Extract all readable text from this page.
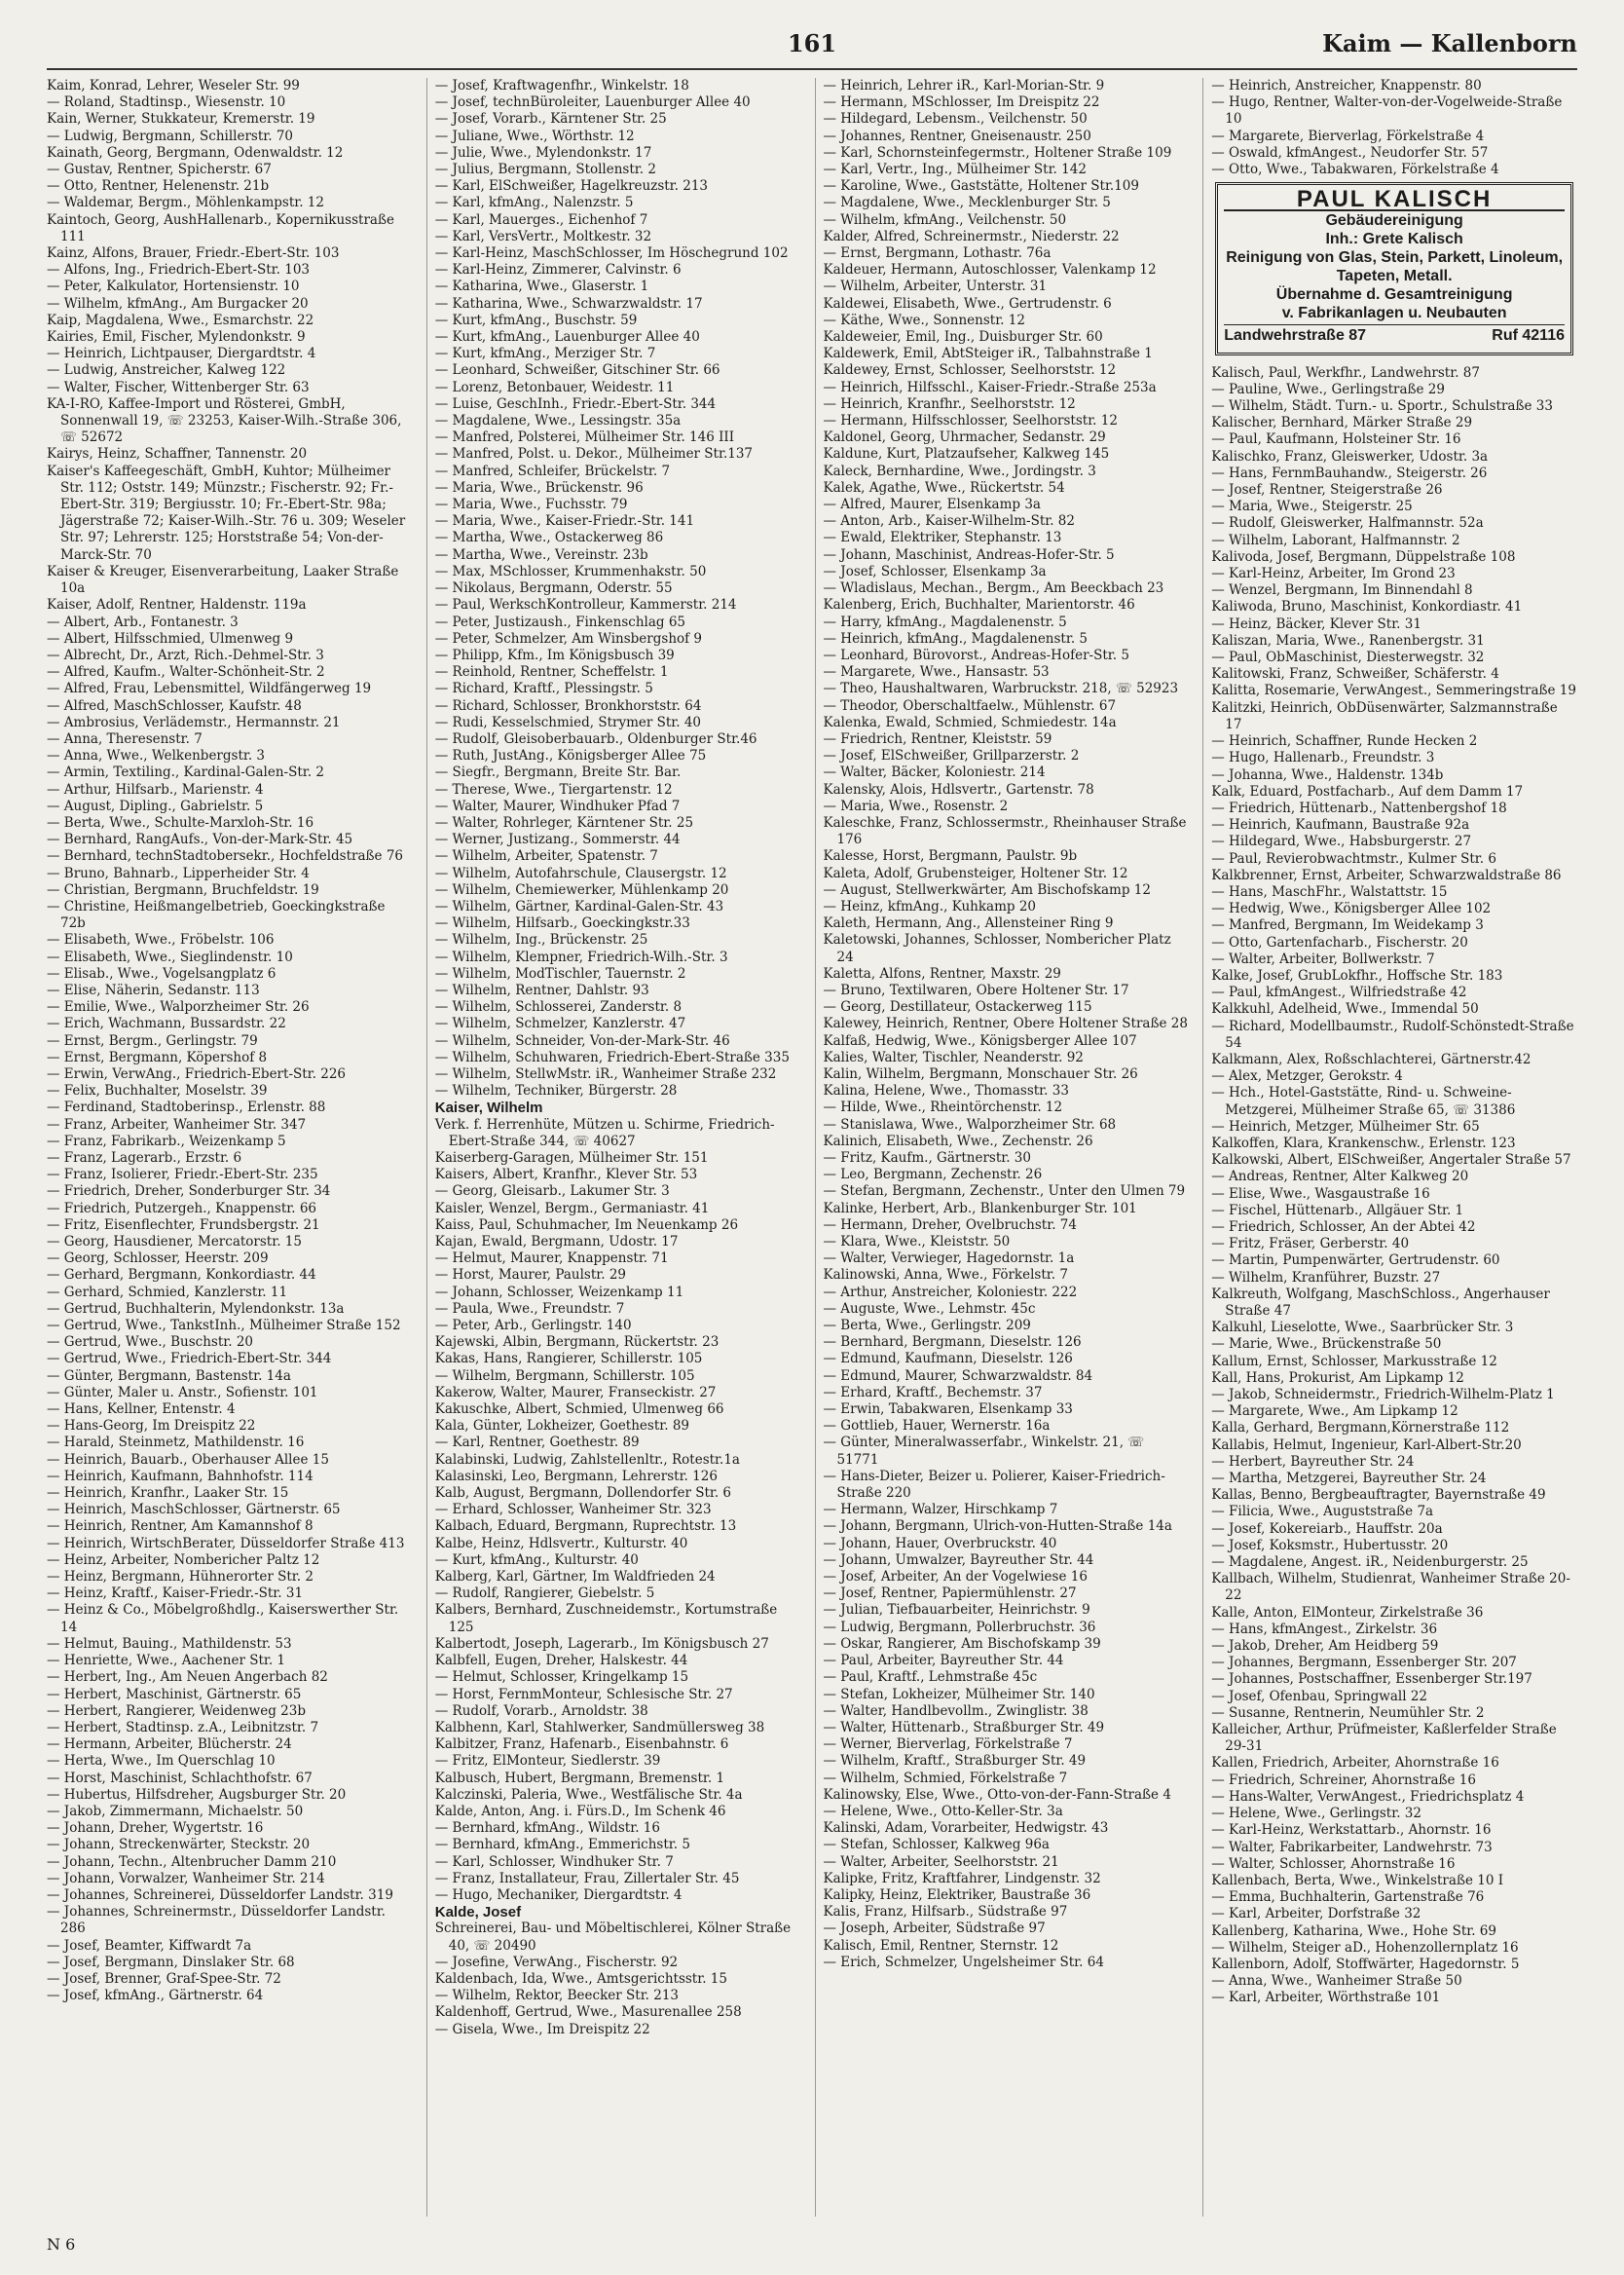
161	Kaim — Kallenborn

Kaim, Konrad, Lehrer, Weseler Str. 99

— Roland, Stadtinsp., Wiesenstr. 10

Kain, Werner, Stukkateur, Kremerstr. 19

— Ludwig, Bergmann, Schillerstr. 70

Kainath, Georg, Bergmann, Odenwaldstr. 12

— Gustav, Rentner, Spicherstr. 67

— Otto, Rentner, Helenenstr. 21b

— Waldemar, Bergm., Möhlenkampstr. 12

Kaintoch, Georg, AushHallenarb., Kopernikusstraße 111

Kainz, Alfons, Brauer, Friedr.-Ebert-Str. 103

— Alfons, Ing., Friedrich-Ebert-Str. 103

— Peter, Kalkulator, Hortensienstr. 10

— Wilhelm, kfmAng., Am Burgacker 20

Kaip, Magdalena, Wwe., Esmarchstr. 22

Kairies, Emil, Fischer, Mylendonkstr. 9

— Heinrich, Lichtpauser, Diergardtstr. 4

— Ludwig, Anstreicher, Kalweg 122

— Walter, Fischer, Wittenberger Str. 63

KA-I-RO, Kaffee-Import und Rösterei, GmbH, Sonnenwall 19, ☏ 23253, Kaiser-Wilh.-Straße 306, ☏ 52672

Kairys, Heinz, Schaffner, Tannenstr. 20

Kaiser's Kaffeegeschäft, GmbH, Kuhtor; Mülheimer Str. 112; Oststr. 149; Münzstr.; Fischerstr. 92; Fr.-Ebert-Str. 319; Bergiusstr. 10; Fr.-Ebert-Str. 98a; Jägerstraße 72; Kaiser-Wilh.-Str. 76 u. 309; Weseler Str. 97; Lehrerstr. 125; Horststraße 54; Von-der-Marck-Str. 70

Kaiser & Kreuger, Eisenverarbeitung, Laaker Straße 10a

Kaiser, Adolf, Rentner, Haldenstr. 119a

— Albert, Arb., Fontanestr. 3

— Albert, Hilfsschmied, Ulmenweg 9

— Albrecht, Dr., Arzt, Rich.-Dehmel-Str. 3

— Alfred, Kaufm., Walter-Schönheit-Str. 2

— Alfred, Frau, Lebensmittel, Wildfängerweg 19

— Alfred, MaschSchlosser, Kaufstr. 48

— Ambrosius, Verlädemstr., Hermannstr. 21

— Anna, Theresenstr. 7

— Anna, Wwe., Welkenbergstr. 3

— Armin, Textiling., Kardinal-Galen-Str. 2

— Arthur, Hilfsarb., Marienstr. 4

— August, Dipling., Gabrielstr. 5

— Berta, Wwe., Schulte-Marxloh-Str. 16

— Bernhard, RangAufs., Von-der-Mark-Str. 45

— Bernhard, technStadtobersekr., Hochfeldstraße 76

— Bruno, Bahnarb., Lipperheider Str. 4

— Christian, Bergmann, Bruchfeldstr. 19

— Christine, Heißmangelbetrieb, Goeckingkstraße 72b

— Elisabeth, Wwe., Fröbelstr. 106

— Elisabeth, Wwe., Sieglindenstr. 10

— Elisab., Wwe., Vogelsangplatz 6

— Elise, Näherin, Sedanstr. 113

— Emilie, Wwe., Walporzheimer Str. 26

— Erich, Wachmann, Bussardstr. 22

— Ernst, Bergm., Gerlingstr. 79

— Ernst, Bergmann, Köpershof 8

— Erwin, VerwAng., Friedrich-Ebert-Str. 226

— Felix, Buchhalter, Moselstr. 39

— Ferdinand, Stadtoberinsp., Erlenstr. 88

— Franz, Arbeiter, Wanheimer Str. 347

— Franz, Fabrikarb., Weizenkamp 5

— Franz, Lagerarb., Erzstr. 6

— Franz, Isolierer, Friedr.-Ebert-Str. 235

— Friedrich, Dreher, Sonderburger Str. 34

— Friedrich, Putzergeh., Knappenstr. 66

— Fritz, Eisenflechter, Frundsbergstr. 21

— Georg, Hausdiener, Mercatorstr. 15

— Georg, Schlosser, Heerstr. 209

— Gerhard, Bergmann, Konkordiastr. 44

— Gerhard, Schmied, Kanzlerstr. 11

— Gertrud, Buchhalterin, Mylendonkstr. 13a

— Gertrud, Wwe., TankstInh., Mülheimer Straße 152

— Gertrud, Wwe., Buschstr. 20

— Gertrud, Wwe., Friedrich-Ebert-Str. 344

— Günter, Bergmann, Bastenstr. 14a

— Günter, Maler u. Anstr., Sofienstr. 101

— Hans, Kellner, Entenstr. 4

— Hans-Georg, Im Dreispitz 22

— Harald, Steinmetz, Mathildenstr. 16

— Heinrich, Bauarb., Oberhauser Allee 15

— Heinrich, Kaufmann, Bahnhofstr. 114

— Heinrich, Kranfhr., Laaker Str. 15

— Heinrich, MaschSchlosser, Gärtnerstr. 65

— Heinrich, Rentner, Am Kamannshof 8

— Heinrich, WirtschBerater, Düsseldorfer Straße 413

— Heinz, Arbeiter, Nombericher Paltz 12

— Heinz, Bergmann, Hühnerorter Str. 2

— Heinz, Kraftf., Kaiser-Friedr.-Str. 31

— Heinz & Co., Möbelgroßhdlg., Kaiserswerther Str. 14

— Helmut, Bauing., Mathildenstr. 53

— Henriette, Wwe., Aachener Str. 1

— Herbert, Ing., Am Neuen Angerbach 82

— Herbert, Maschinist, Gärtnerstr. 65

— Herbert, Rangierer, Weidenweg 23b

— Herbert, Stadtinsp. z.A., Leibnitzstr. 7

— Hermann, Arbeiter, Blücherstr. 24

— Herta, Wwe., Im Querschlag 10

— Horst, Maschinist, Schlachthofstr. 67

— Hubertus, Hilfsdreher, Augsburger Str. 20

— Jakob, Zimmermann, Michaelstr. 50

— Johann, Dreher, Wygertstr. 16

— Johann, Streckenwärter, Steckstr. 20

— Johann, Techn., Altenbrucher Damm 210

— Johann, Vorwalzer, Wanheimer Str. 214

— Johannes, Schreinerei, Düsseldorfer Landstr. 319

— Johannes, Schreinermstr., Düsseldorfer Landstr. 286

— Josef, Beamter, Kiffwardt 7a

— Josef, Bergmann, Dinslaker Str. 68

— Josef, Brenner, Graf-Spee-Str. 72

— Josef, kfmAng., Gärtnerstr. 64

— Josef, Kraftwagenfhr., Winkelstr. 18

— Josef, technBüroleiter, Lauenburger Allee 40

— Josef, Vorarb., Kärntener Str. 25

— Juliane, Wwe., Wörthstr. 12

— Julie, Wwe., Mylendonkstr. 17

— Julius, Bergmann, Stollenstr. 2

— Karl, ElSchweißer, Hagelkreuzstr. 213

— Karl, kfmAng., Nalenzstr. 5

— Karl, Mauerges., Eichenhof 7

— Karl, VersVertr., Moltkestr. 32

— Karl-Heinz, MaschSchlosser, Im Höschegrund 102

— Karl-Heinz, Zimmerer, Calvinstr. 6

— Katharina, Wwe., Glaserstr. 1

— Katharina, Wwe., Schwarzwaldstr. 17

— Kurt, kfmAng., Buschstr. 59

— Kurt, kfmAng., Lauenburger Allee 40

— Kurt, kfmAng., Merziger Str. 7

— Leonhard, Schweißer, Gitschiner Str. 66

— Lorenz, Betonbauer, Weidestr. 11

— Luise, GeschInh., Friedr.-Ebert-Str. 344

— Magdalene, Wwe., Lessingstr. 35a

— Manfred, Polsterei, Mülheimer Str. 146 III

— Manfred, Polst. u. Dekor., Mülheimer Str.137

— Manfred, Schleifer, Brückelstr. 7

— Maria, Wwe., Brückenstr. 96

— Maria, Wwe., Fuchsstr. 79

— Maria, Wwe., Kaiser-Friedr.-Str. 141

— Martha, Wwe., Ostackerweg 86

— Martha, Wwe., Vereinstr. 23b

— Max, MSchlosser, Krummenhakstr. 50

— Nikolaus, Bergmann, Oderstr. 55

— Paul, WerkschKontrolleur, Kammerstr. 214

— Peter, Justizaush., Finkenschlag 65

— Peter, Schmelzer, Am Winsbergshof 9

— Philipp, Kfm., Im Königsbusch 39

— Reinhold, Rentner, Scheffelstr. 1

— Richard, Kraftf., Plessingstr. 5

— Richard, Schlosser, Bronkhorststr. 64

— Rudi, Kesselschmied, Strymer Str. 40

— Rudolf, Gleisoberbauarb., Oldenburger Str.46

— Ruth, JustAng., Königsberger Allee 75

— Siegfr., Bergmann, Breite Str. Bar.

— Therese, Wwe., Tiergartenstr. 12

— Walter, Maurer, Windhuker Pfad 7

— Walter, Rohrleger, Kärntener Str. 25

— Werner, Justizang., Sommerstr. 44

— Wilhelm, Arbeiter, Spatenstr. 7

— Wilhelm, Autofahrschule, Clausergstr. 12

— Wilhelm, Chemiewerker, Mühlenkamp 20

— Wilhelm, Gärtner, Kardinal-Galen-Str. 43

— Wilhelm, Hilfsarb., Goeckingkstr.33

— Wilhelm, Ing., Brückenstr. 25

— Wilhelm, Klempner, Friedrich-Wilh.-Str. 3

— Wilhelm, ModTischler, Tauernstr. 2

— Wilhelm, Rentner, Dahlstr. 93

— Wilhelm, Schlosserei, Zanderstr. 8

— Wilhelm, Schmelzer, Kanzlerstr. 47

— Wilhelm, Schneider, Von-der-Mark-Str. 46

— Wilhelm, Schuhwaren, Friedrich-Ebert-Straße 335

— Wilhelm, StellwMstr. iR., Wanheimer Straße 232

— Wilhelm, Techniker, Bürgerstr. 28

Kaiser, Wilhelm

Verk. f. Herrenhüte, Mützen u. Schirme, Friedrich-Ebert-Straße 344, ☏ 40627

Kaiserberg-Garagen, Mülheimer Str. 151

Kaisers, Albert, Kranfhr., Klever Str. 53

— Georg, Gleisarb., Lakumer Str. 3

Kaisler, Wenzel, Bergm., Germaniastr. 41

Kaiss, Paul, Schuhmacher, Im Neuenkamp 26

Kajan, Ewald, Bergmann, Udostr. 17

— Helmut, Maurer, Knappenstr. 71

— Horst, Maurer, Paulstr. 29

— Johann, Schlosser, Weizenkamp 11

— Paula, Wwe., Freundstr. 7

— Peter, Arb., Gerlingstr. 140

Kajewski, Albin, Bergmann, Rückertstr. 23

Kakas, Hans, Rangierer, Schillerstr. 105

— Wilhelm, Bergmann, Schillerstr. 105

Kakerow, Walter, Maurer, Franseckistr. 27

Kakuschke, Albert, Schmied, Ulmenweg 66

Kala, Günter, Lokheizer, Goethestr. 89

— Karl, Rentner, Goethestr. 89

Kalabinski, Ludwig, Zahlstellenltr., Rotestr.1a

Kalasinski, Leo, Bergmann, Lehrerstr. 126

Kalb, August, Bergmann, Dollendorfer Str. 6

— Erhard, Schlosser, Wanheimer Str. 323

Kalbach, Eduard, Bergmann, Ruprechtstr. 13

Kalbe, Heinz, Hdlsvertr., Kulturstr. 40

— Kurt, kfmAng., Kulturstr. 40

Kalberg, Karl, Gärtner, Im Waldfrieden 24

— Rudolf, Rangierer, Giebelstr. 5

Kalbers, Bernhard, Zuschneidemstr., Kortumstraße 125

Kalbertodt, Joseph, Lagerarb., Im Königsbusch 27

Kalbfell, Eugen, Dreher, Halskestr. 44

— Helmut, Schlosser, Kringelkamp 15

— Horst, FernmMonteur, Schlesische Str. 27

— Rudolf, Vorarb., Arnoldstr. 38

Kalbhenn, Karl, Stahlwerker, Sandmüllersweg 38

Kalbitzer, Franz, Hafenarb., Eisenbahnstr. 6

— Fritz, ElMonteur, Siedlerstr. 39

Kalbusch, Hubert, Bergmann, Bremenstr. 1

Kalczinski, Paleria, Wwe., Westfälische Str. 4a

Kalde, Anton, Ang. i. Fürs.D., Im Schenk 46

— Bernhard, kfmAng., Wildstr. 16

— Bernhard, kfmAng., Emmerichstr. 5

— Karl, Schlosser, Windhuker Str. 7

— Franz, Installateur, Frau, Zillertaler Str. 45

— Hugo, Mechaniker, Diergardtstr. 4

Kalde, Josef

Schreinerei, Bau- und Möbeltischlerei, Kölner Straße 40, ☏ 20490

— Josefine, VerwAng., Fischerstr. 92

Kaldenbach, Ida, Wwe., Amtsgerichtsstr. 15

— Wilhelm, Rektor, Beecker Str. 213

Kaldenhoff, Gertrud, Wwe., Masurenallee 258

— Gisela, Wwe., Im Dreispitz 22

— Heinrich, Lehrer iR., Karl-Morian-Str. 9

— Hermann, MSchlosser, Im Dreispitz 22

— Hildegard, Lebensm., Veilchenstr. 50

— Johannes, Rentner, Gneisenaustr. 250

— Karl, Schornsteinfegermstr., Holtener Straße 109

— Karl, Vertr., Ing., Mülheimer Str. 142

— Karoline, Wwe., Gaststätte, Holtener Str.109

— Magdalene, Wwe., Mecklenburger Str. 5

— Wilhelm, kfmAng., Veilchenstr. 50

Kalder, Alfred, Schreinermstr., Niederstr. 22

— Ernst, Bergmann, Lothastr. 76a

Kaldeuer, Hermann, Autoschlosser, Valenkamp 12

— Wilhelm, Arbeiter, Unterstr. 31

Kaldewei, Elisabeth, Wwe., Gertrudenstr. 6

— Käthe, Wwe., Sonnenstr. 12

Kaldeweier, Emil, Ing., Duisburger Str. 60

Kaldewerk, Emil, AbtSteiger iR., Talbahnstraße 1

Kaldewey, Ernst, Schlosser, Seelhorststr. 12

— Heinrich, Hilfsschl., Kaiser-Friedr.-Straße 253a

— Heinrich, Kranfhr., Seelhorststr. 12

— Hermann, Hilfsschlosser, Seelhorststr. 12

Kaldonel, Georg, Uhrmacher, Sedanstr. 29

Kaldune, Kurt, Platzaufseher, Kalkweg 145

Kaleck, Bernhardine, Wwe., Jordingstr. 3

Kalek, Agathe, Wwe., Rückertstr. 54

— Alfred, Maurer, Elsenkamp 3a

— Anton, Arb., Kaiser-Wilhelm-Str. 82

— Ewald, Elektriker, Stephanstr. 13

— Johann, Maschinist, Andreas-Hofer-Str. 5

— Josef, Schlosser, Elsenkamp 3a

— Wladislaus, Mechan., Bergm., Am Beeckbach 23

Kalenberg, Erich, Buchhalter, Marientorstr. 46

— Harry, kfmAng., Magdalenenstr. 5

— Heinrich, kfmAng., Magdalenenstr. 5

— Leonhard, Bürovorst., Andreas-Hofer-Str. 5

— Margarete, Wwe., Hansastr. 53

— Theo, Haushaltwaren, Warbruckstr. 218, ☏ 52923

— Theodor, Oberschaltfaelw., Mühlenstr. 67

Kalenka, Ewald, Schmied, Schmiedestr. 14a

— Friedrich, Rentner, Kleiststr. 59

— Josef, ElSchweißer, Grillparzerstr. 2

— Walter, Bäcker, Koloniestr. 214

Kalensky, Alois, Hdlsvertr., Gartenstr. 78

— Maria, Wwe., Rosenstr. 2

Kaleschke, Franz, Schlossermstr., Rheinhauser Straße 176

Kalesse, Horst, Bergmann, Paulstr. 9b

Kaleta, Adolf, Grubensteiger, Holtener Str. 12

— August, Stellwerkwärter, Am Bischofskamp 12

— Heinz, kfmAng., Kuhkamp 20

Kaleth, Hermann, Ang., Allensteiner Ring 9

Kaletowski, Johannes, Schlosser, Nombericher Platz 24

Kaletta, Alfons, Rentner, Maxstr. 29

— Bruno, Textilwaren, Obere Holtener Str. 17

— Georg, Destillateur, Ostackerweg 115

Kalewey, Heinrich, Rentner, Obere Holtener Straße 28

Kalfaß, Hedwig, Wwe., Königsberger Allee 107

Kalies, Walter, Tischler, Neanderstr. 92

Kalin, Wilhelm, Bergmann, Monschauer Str. 26

Kalina, Helene, Wwe., Thomasstr. 33

— Hilde, Wwe., Rheintörchenstr. 12

— Stanislawa, Wwe., Walporzheimer Str. 68

Kalinich, Elisabeth, Wwe., Zechenstr. 26

— Fritz, Kaufm., Gärtnerstr. 30

— Leo, Bergmann, Zechenstr. 26

— Stefan, Bergmann, Zechenstr., Unter den Ulmen 79

Kalinke, Herbert, Arb., Blankenburger Str. 101

— Hermann, Dreher, Ovelbruchstr. 74

— Klara, Wwe., Kleiststr. 50

— Walter, Verwieger, Hagedornstr. 1a

Kalinowski, Anna, Wwe., Förkelstr. 7

— Arthur, Anstreicher, Koloniestr. 222

— Auguste, Wwe., Lehmstr. 45c

— Berta, Wwe., Gerlingstr. 209

— Bernhard, Bergmann, Dieselstr. 126

— Edmund, Kaufmann, Dieselstr. 126

— Edmund, Maurer, Schwarzwaldstr. 84

— Erhard, Kraftf., Bechemstr. 37

— Erwin, Tabakwaren, Elsenkamp 33

— Gottlieb, Hauer, Wernerstr. 16a

— Günter, Mineralwasserfabr., Winkelstr. 21, ☏ 51771

— Hans-Dieter, Beizer u. Polierer, Kaiser-Friedrich-Straße 220

— Hermann, Walzer, Hirschkamp 7

— Johann, Bergmann, Ulrich-von-Hutten-Straße 14a

— Johann, Hauer, Overbruckstr. 40

— Johann, Umwalzer, Bayreuther Str. 44

— Josef, Arbeiter, An der Vogelwiese 16

— Josef, Rentner, Papiermühlenstr. 27

— Julian, Tiefbauarbeiter, Heinrichstr. 9

— Ludwig, Bergmann, Pollerbruchstr. 36

— Oskar, Rangierer, Am Bischofskamp 39

— Paul, Arbeiter, Bayreuther Str. 44

— Paul, Kraftf., Lehmstraße 45c

— Stefan, Lokheizer, Mülheimer Str. 140

— Walter, Handlbevollm., Zwinglistr. 38

— Walter, Hüttenarb., Straßburger Str. 49

— Werner, Bierverlag, Förkelstraße 7

— Wilhelm, Kraftf., Straßburger Str. 49

— Wilhelm, Schmied, Förkelstraße 7

Kalinowsky, Else, Wwe., Otto-von-der-Fann-Straße 4

— Helene, Wwe., Otto-Keller-Str. 3a

Kalinski, Adam, Vorarbeiter, Hedwigstr. 43

— Stefan, Schlosser, Kalkweg 96a

— Walter, Arbeiter, Seelhorststr. 21

Kalipke, Fritz, Kraftfahrer, Lindgenstr. 32

Kalipky, Heinz, Elektriker, Baustraße 36

Kalis, Franz, Hilfsarb., Südstraße 97

— Joseph, Arbeiter, Südstraße 97

Kalisch, Emil, Rentner, Sternstr. 12

— Erich, Schmelzer, Ungelsheimer Str. 64

— Heinrich, Anstreicher, Knappenstr. 80

— Hugo, Rentner, Walter-von-der-Vogelweide-Straße 10

— Margarete, Bierverlag, Förkelstraße 4

— Oswald, kfmAngest., Neudorfer Str. 57

— Otto, Wwe., Tabakwaren, Förkelstraße 4

PAUL KALISCH
Gebäudereinigung
Inh.: Grete Kalisch
Reinigung von Glas, Stein, Parkett, Linoleum, Tapeten, Metall.
Übernahme d. Gesamtreinigung
v. Fabrikanlagen u. Neubauten
Landwehrstraße 87	Ruf 42116

Kalisch, Paul, Werkfhr., Landwehrstr. 87

— Pauline, Wwe., Gerlingstraße 29

— Wilhelm, Städt. Turn.- u. Sportr., Schulstraße 33

Kalischer, Bernhard, Märker Straße 29

— Paul, Kaufmann, Holsteiner Str. 16

Kalischko, Franz, Gleiswerker, Udostr. 3a

— Hans, FernmBauhandw., Steigerstr. 26

— Josef, Rentner, Steigerstraße 26

— Maria, Wwe., Steigerstr. 25

— Rudolf, Gleiswerker, Halfmannstr. 52a

— Wilhelm, Laborant, Halfmannstr. 2

Kalivoda, Josef, Bergmann, Düppelstraße 108

— Karl-Heinz, Arbeiter, Im Grond 23

— Wenzel, Bergmann, Im Binnendahl 8

Kaliwoda, Bruno, Maschinist, Konkordiastr. 41

— Heinz, Bäcker, Klever Str. 31

Kaliszan, Maria, Wwe., Ranenbergstr. 31

— Paul, ObMaschinist, Diesterwegstr. 32

Kalitowski, Franz, Schweißer, Schäferstr. 4

Kalitta, Rosemarie, VerwAngest., Semmeringstraße 19

Kalitzki, Heinrich, ObDüsenwärter, Salzmannstraße 17

— Heinrich, Schaffner, Runde Hecken 2

— Hugo, Hallenarb., Freundstr. 3

— Johanna, Wwe., Haldenstr. 134b

Kalk, Eduard, Postfacharb., Auf dem Damm 17

— Friedrich, Hüttenarb., Nattenbergshof 18

— Heinrich, Kaufmann, Baustraße 92a

— Hildegard, Wwe., Habsburgerstr. 27

— Paul, Revierobwachtmstr., Kulmer Str. 6

Kalkbrenner, Ernst, Arbeiter, Schwarzwaldstraße 86

— Hans, MaschFhr., Walstattstr. 15

— Hedwig, Wwe., Königsberger Allee 102

— Manfred, Bergmann, Im Weidekamp 3

— Otto, Gartenfacharb., Fischerstr. 20

— Walter, Arbeiter, Bollwerkstr. 7

Kalke, Josef, GrubLokfhr., Hoffsche Str. 183

— Paul, kfmAngest., Wilfriedstraße 42

Kalkkuhl, Adelheid, Wwe., Immendal 50

— Richard, Modellbaumstr., Rudolf-Schönstedt-Straße 54

Kalkmann, Alex, Roßschlachterei, Gärtnerstr.42

— Alex, Metzger, Gerokstr. 4

— Hch., Hotel-Gaststätte, Rind- u. Schweine-Metzgerei, Mülheimer Straße 65, ☏ 31386

— Heinrich, Metzger, Mülheimer Str. 65

Kalkoffen, Klara, Krankenschw., Erlenstr. 123

Kalkowski, Albert, ElSchweißer, Angertaler Straße 57

— Andreas, Rentner, Alter Kalkweg 20

— Elise, Wwe., Wasgaustraße 16

— Fischel, Hüttenarb., Allgäuer Str. 1

— Friedrich, Schlosser, An der Abtei 42

— Fritz, Fräser, Gerberstr. 40

— Martin, Pumpenwärter, Gertrudenstr. 60

— Wilhelm, Kranführer, Buzstr. 27

Kalkreuth, Wolfgang, MaschSchloss., Angerhauser Straße 47

Kalkuhl, Lieselotte, Wwe., Saarbrücker Str. 3

— Marie, Wwe., Brückenstraße 50

Kallum, Ernst, Schlosser, Markusstraße 12

Kall, Hans, Prokurist, Am Lipkamp 12

— Jakob, Schneidermstr., Friedrich-Wilhelm-Platz 1

— Margarete, Wwe., Am Lipkamp 12

Kalla, Gerhard, Bergmann,Körnerstraße 112

Kallabis, Helmut, Ingenieur, Karl-Albert-Str.20

— Herbert, Bayreuther Str. 24

— Martha, Metzgerei, Bayreuther Str. 24

Kallas, Benno, Bergbeauftragter, Bayernstraße 49

— Filicia, Wwe., Auguststraße 7a

— Josef, Kokereiarb., Hauffstr. 20a

— Josef, Koksmstr., Hubertusstr. 20

— Magdalene, Angest. iR., Neidenburgerstr. 25

Kallbach, Wilhelm, Studienrat, Wanheimer Straße 20-22

Kalle, Anton, ElMonteur, Zirkelstraße 36

— Hans, kfmAngest., Zirkelstr. 36

— Jakob, Dreher, Am Heidberg 59

— Johannes, Bergmann, Essenberger Str. 207

— Johannes, Postschaffner, Essenberger Str.197

— Josef, Ofenbau, Springwall 22

— Susanne, Rentnerin, Neumühler Str. 2

Kalleicher, Arthur, Prüfmeister, Kaßlerfelder Straße 29-31

Kallen, Friedrich, Arbeiter, Ahornstraße 16

— Friedrich, Schreiner, Ahornstraße 16

— Hans-Walter, VerwAngest., Friedrichsplatz 4

— Helene, Wwe., Gerlingstr. 32

— Karl-Heinz, Werkstattarb., Ahornstr. 16

— Walter, Fabrikarbeiter, Landwehrstr. 73

— Walter, Schlosser, Ahornstraße 16

Kallenbach, Berta, Wwe., Winkelstraße 10 I

— Emma, Buchhalterin, Gartenstraße 76

— Karl, Arbeiter, Dorfstraße 32

Kallenberg, Katharina, Wwe., Hohe Str. 69

— Wilhelm, Steiger aD., Hohenzollernplatz 16

Kallenborn, Adolf, Stoffwärter, Hagedornstr. 5

— Anna, Wwe., Wanheimer Straße 50

— Karl, Arbeiter, Wörthstraße 101

N 6
